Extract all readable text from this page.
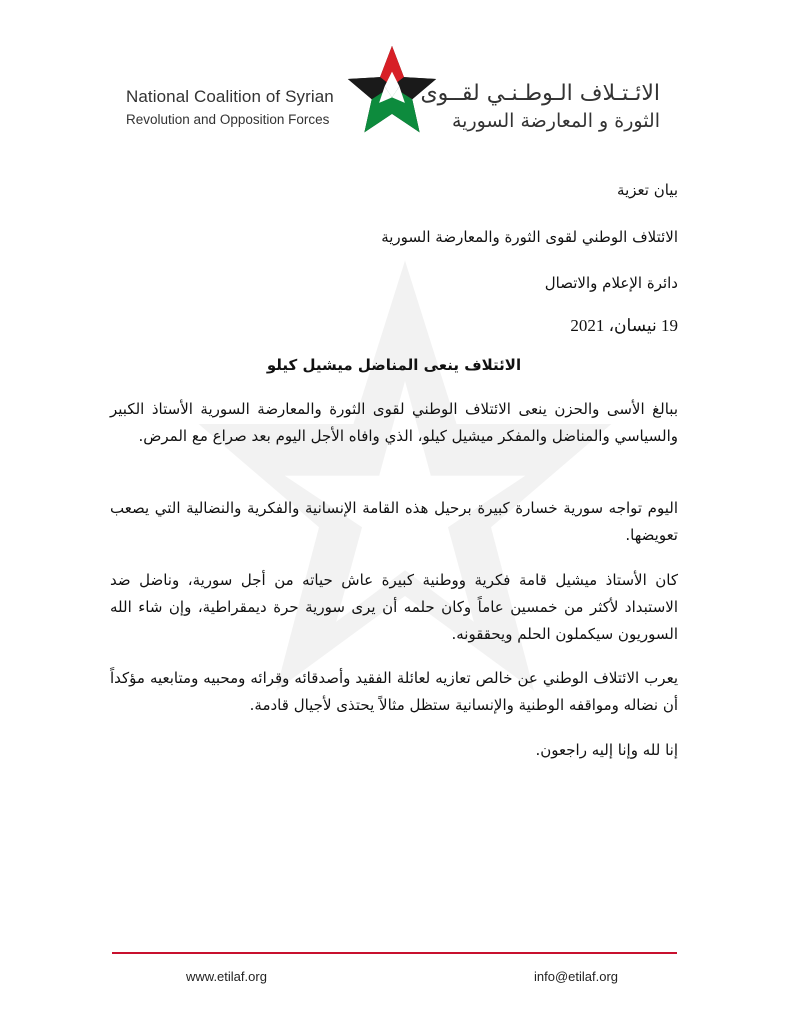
National Coalition of Syrian
Revolution and Opposition Forces
الائـتـلاف الـوطـنـي لقــوى
الثورة و المعارضة السورية
بيان تعزية
الائتلاف الوطني لقوى الثورة والمعارضة السورية
دائرة الإعلام والاتصال
19 نيسان، 2021
الائتلاف ينعى المناضل ميشيل كيلو
ببالغ الأسى والحزن ينعى الائتلاف الوطني لقوى الثورة والمعارضة السورية الأستاذ الكبير والسياسي والمناضل والمفكر ميشيل كيلو، الذي وافاه الأجل اليوم بعد صراع مع المرض.
اليوم تواجه سورية خسارة كبيرة برحيل هذه القامة الإنسانية والفكرية والنضالية التي يصعب تعويضها.
كان الأستاذ ميشيل قامة فكرية ووطنية كبيرة عاش حياته من أجل سورية، وناضل ضد الاستبداد لأكثر من خمسين عاماً وكان حلمه أن يرى سورية حرة ديمقراطية، وإن شاء الله السوريون سيكملون الحلم ويحققونه.
يعرب الائتلاف الوطني عن خالص تعازيه لعائلة الفقيد وأصدقائه وقرائه ومحبيه ومتابعيه مؤكداً أن نضاله ومواقفه الوطنية والإنسانية ستظل مثالاً يحتذى لأجيال قادمة.
إنا لله وإنا إليه راجعون.
www.etilaf.org	info@etilaf.org
